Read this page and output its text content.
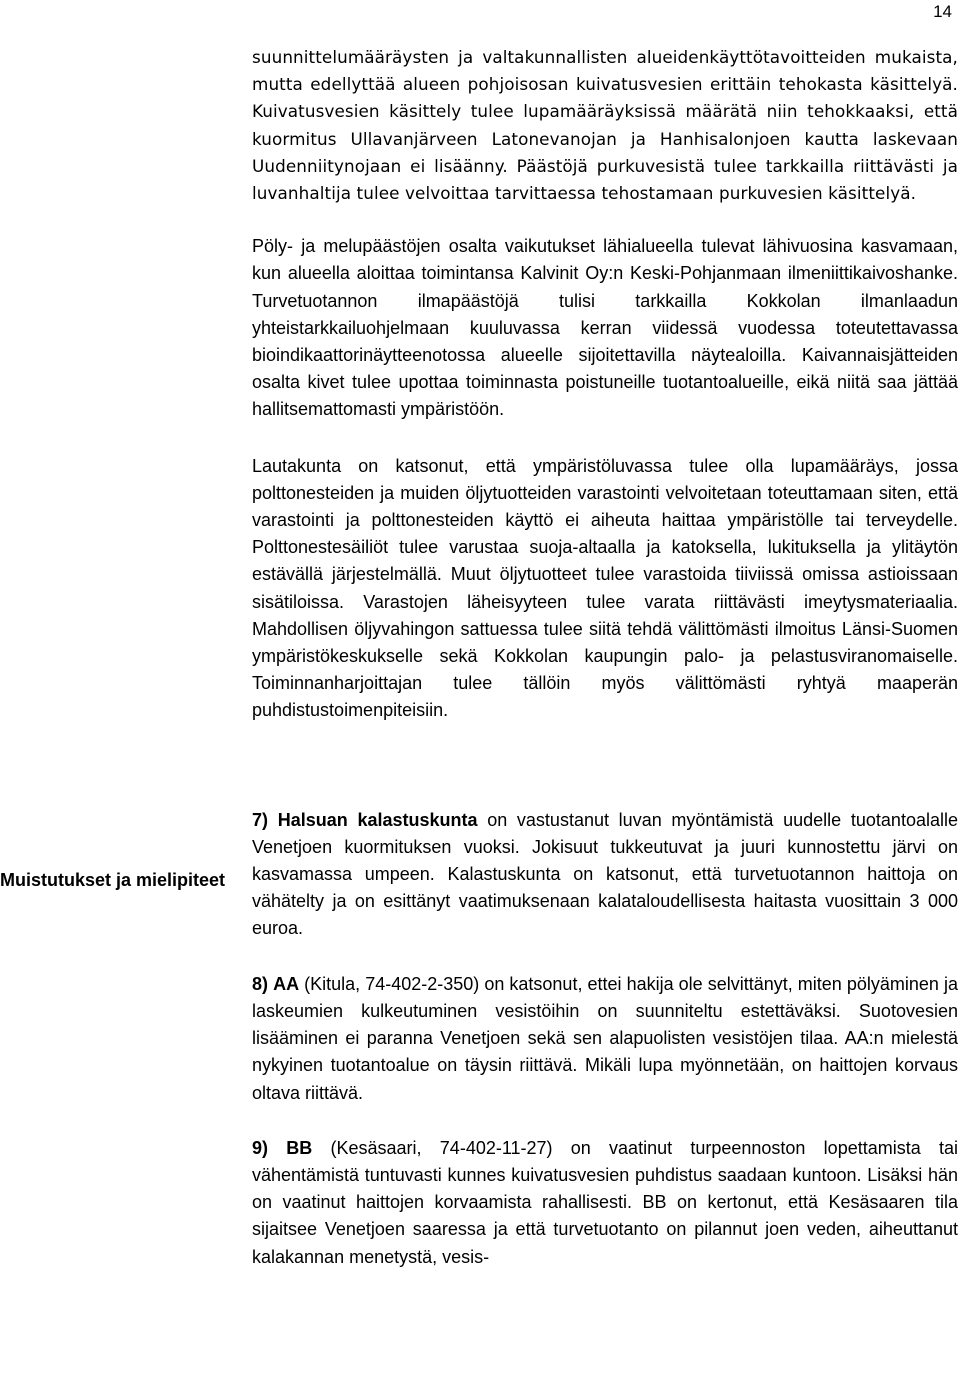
14
Muistutukset ja mielipiteet

suunnittelumääräysten ja valtakunnallisten alueidenkäyttötavoitteiden mukaista, mutta edellyttää alueen pohjoisosan kuivatusvesien erittäin tehokasta käsittelyä. Kuivatusvesien käsittely tulee lupamääräyksissä määrätä niin tehokkaaksi, että kuormitus Ullavanjärveen Latonevanojan ja Hanhisalonjoen kautta laskevaan Uudenniitynojaan ei lisäänny. Päästöjä purkuvesistä tulee tarkkailla riittävästi ja luvanhaltija tulee velvoittaa tarvittaessa tehostamaan purkuvesien käsittelyä.

Pöly- ja melupäästöjen osalta vaikutukset lähialueella tulevat lähivuosina kasvamaan, kun alueella aloittaa toimintansa Kalvinit Oy:n Keski-Pohjanmaan ilmeniittikaivoshanke. Turvetuotannon ilmapäästöjä tulisi tarkkailla Kokkolan ilmanlaadun yhteistarkkailuohjelmaan kuuluvassa kerran viidessä vuodessa toteutettavassa bioindikaattorinäytteenotossa alueelle sijoitettavilla näytealoilla. Kaivannaisjätteiden osalta kivet tulee upottaa toiminnasta poistuneille tuotantoalueille, eikä niitä saa jättää hallitsemattomasti ympäristöön.

Lautakunta on katsonut, että ympäristöluvassa tulee olla lupamääräys, jossa polttonesteiden ja muiden öljytuotteiden varastointi velvoitetaan toteuttamaan siten, että varastointi ja polttonesteiden käyttö ei aiheuta haittaa ympäristölle tai terveydelle. Polttonestesäiliöt tulee varustaa suoja-altaalla ja katoksella, lukituksella ja ylitäytön estävällä järjestelmällä. Muut öljytuotteet tulee varastoida tiiviissä omissa astioissaan sisätiloissa. Varastojen läheisyyteen tulee varata riittävästi imeytysmateriaalia. Mahdollisen öljyvahingon sattuessa tulee siitä tehdä välittömästi ilmoitus Länsi-Suomen ympäristökeskukselle sekä Kokkolan kaupungin palo- ja pelastusviranomaiselle. Toiminnanharjoittajan tulee tällöin myös välittömästi ryhtyä maaperän puhdistustoimenpiteisiin.

7) Halsuan kalastuskunta on vastustanut luvan myöntämistä uudelle tuotantoalalle Venetjoen kuormituksen vuoksi. Jokisuut tukkeutuvat ja juuri kunnostettu järvi on kasvamassa umpeen. Kalastuskunta on katsonut, että turvetuotannon haittoja on vähätelty ja on esittänyt vaatimuksenaan kalataloudellisesta haitasta vuosittain 3 000 euroa.

8) AA (Kitula, 74-402-2-350) on katsonut, ettei hakija ole selvittänyt, miten pölyäminen ja laskeumien kulkeutuminen vesistöihin on suunniteltu estettäväksi. Suotovesien lisääminen ei paranna Venetjoen sekä sen alapuolisten vesistöjen tilaa. AA:n mielestä nykyinen tuotantoalue on täysin riittävä. Mikäli lupa myönnetään, on haittojen korvaus oltava riittävä.

9) BB (Kesäsaari, 74-402-11-27) on vaatinut turpeennoston lopettamista tai vähentämistä tuntuvasti kunnes kuivatusvesien puhdistus saadaan kuntoon. Lisäksi hän on vaatinut haittojen korvaamista rahallisesti. BB on kertonut, että Kesäsaaren tila sijaitsee Venetjoen saaressa ja että turvetuotanto on pilannut joen veden, aiheuttanut kalakannan menetystä, vesis-
